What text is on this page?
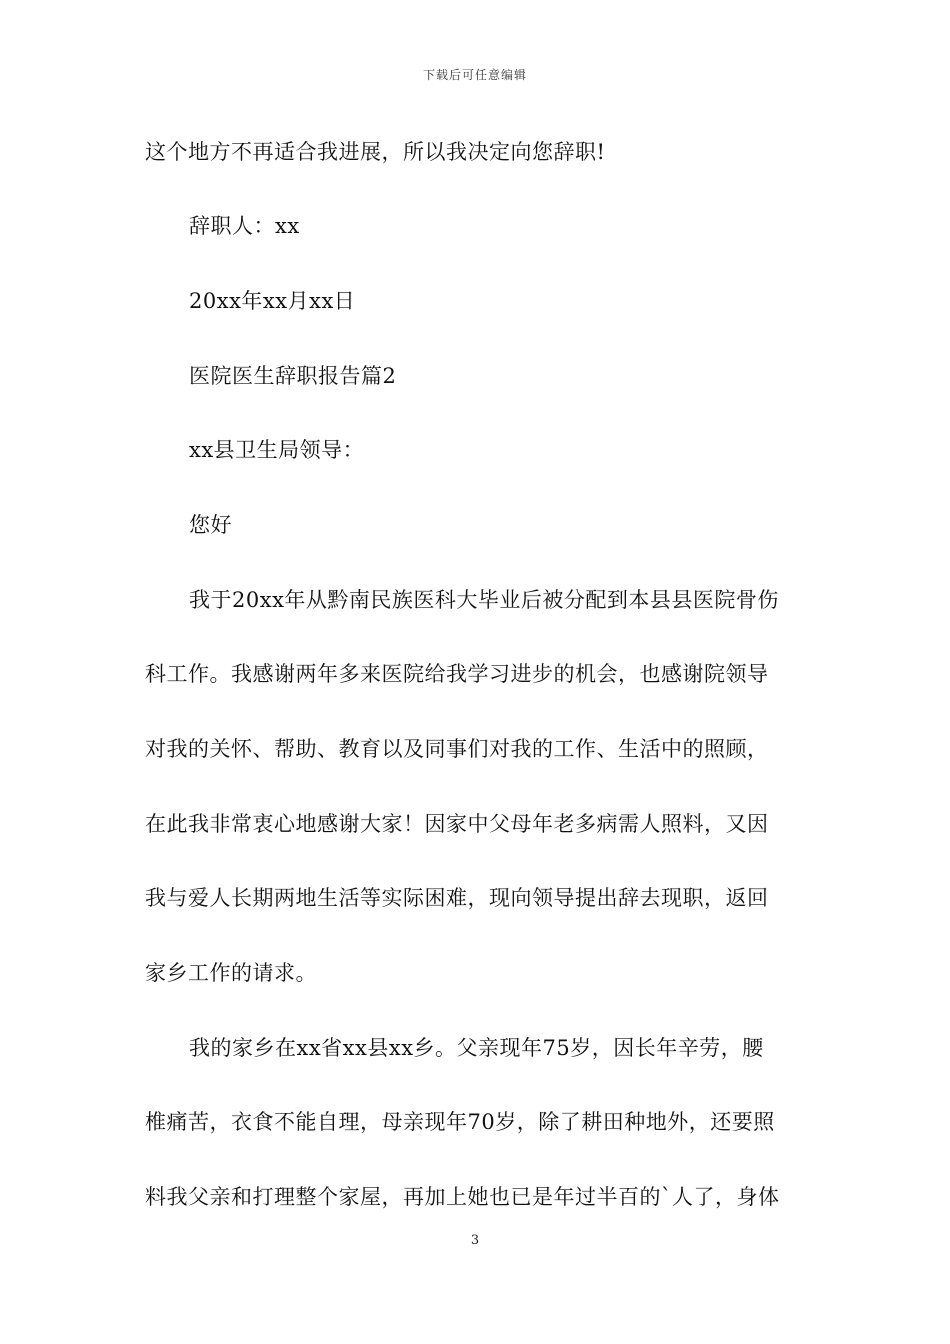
下载后可任意编辑
这个地方不再适合我进展，所以我决定向您辞职!
辞职人：xx
20xx年xx月xx日
医院医生辞职报告篇2
xx县卫生局领导：
您好
我于20xx年从黔南民族医科大毕业后被分配到本县县医院骨伤
科工作。我感谢两年多来医院给我学习进步的机会，也感谢院领导
对我的关怀、帮助、教育以及同事们对我的工作、生活中的照顾，
在此我非常衷心地感谢大家！因家中父母年老多病需人照料，又因
我与爱人长期两地生活等实际困难，现向领导提出辞去现职，返回
家乡工作的请求。
我的家乡在xx省xx县xx乡。父亲现年75岁，因长年辛劳，腰
椎痛苦，衣食不能自理，母亲现年70岁，除了耕田种地外，还要照
料我父亲和打理整个家屋，再加上她也已是年过半百的`人了，身体
3
